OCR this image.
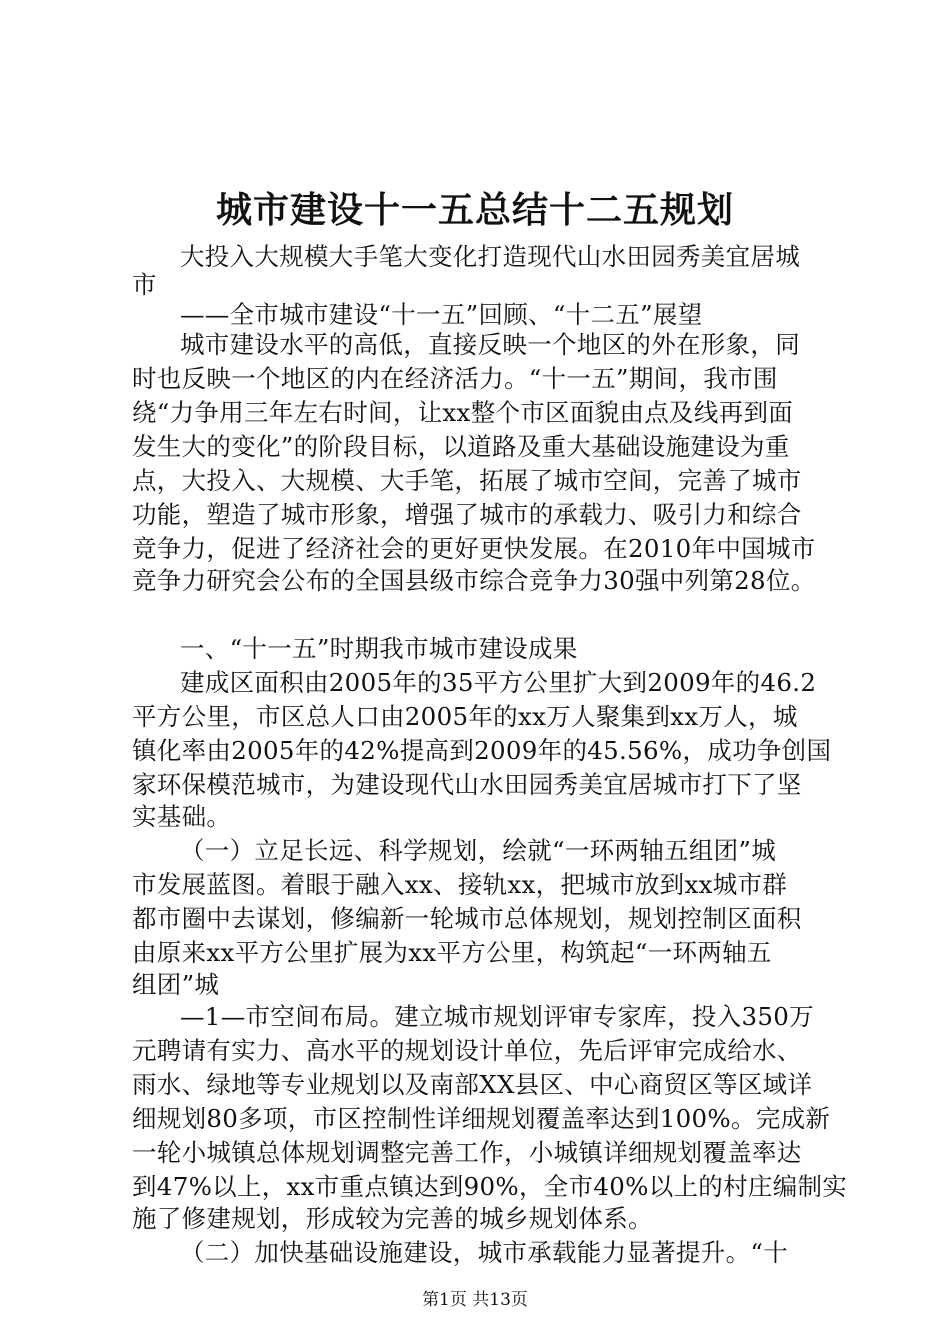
城市建设十一五总结十二五规划
大投入大规模大手笔大变化打造现代山水田园秀美宜居城
市
——全市城市建设“十一五”回顾、“十二五”展望
城市建设水平的高低，直接反映一个地区的外在形象，同
时也反映一个地区的内在经济活力。“十一五”期间，我市围
绕“力争用三年左右时间，让xx整个市区面貌由点及线再到面
发生大的变化”的阶段目标，以道路及重大基础设施建设为重
点，大投入、大规模、大手笔，拓展了城市空间，完善了城市
功能，塑造了城市形象，增强了城市的承载力、吸引力和综合
竞争力，促进了经济社会的更好更快发展。在2010年中国城市
竞争力研究会公布的全国县级市综合竞争力30强中列第28位。
一、“十一五”时期我市城市建设成果
建成区面积由2005年的35平方公里扩大到2009年的46.2
平方公里，市区总人口由2005年的xx万人聚集到xx万人，城
镇化率由2005年的42%提高到2009年的45.56%，成功争创国
家环保模范城市，为建设现代山水田园秀美宜居城市打下了坚
实基础。
（一）立足长远、科学规划，绘就“一环两轴五组团”城
市发展蓝图。着眼于融入xx、接轨xx，把城市放到xx城市群
都市圈中去谋划，修编新一轮城市总体规划，规划控制区面积
由原来xx平方公里扩展为xx平方公里，构筑起“一环两轴五
组团”城
—1—市空间布局。建立城市规划评审专家库，投入350万
元聘请有实力、高水平的规划设计单位，先后评审完成给水、
雨水、绿地等专业规划以及南部XX县区、中心商贸区等区域详
细规划80多项，市区控制性详细规划覆盖率达到100%。完成新
一轮小城镇总体规划调整完善工作，小城镇详细规划覆盖率达
到47%以上，xx市重点镇达到90%，全市40%以上的村庄编制实
施了修建规划，形成较为完善的城乡规划体系。
（二）加快基础设施建设，城市承载能力显著提升。“十
第1页 共13页
